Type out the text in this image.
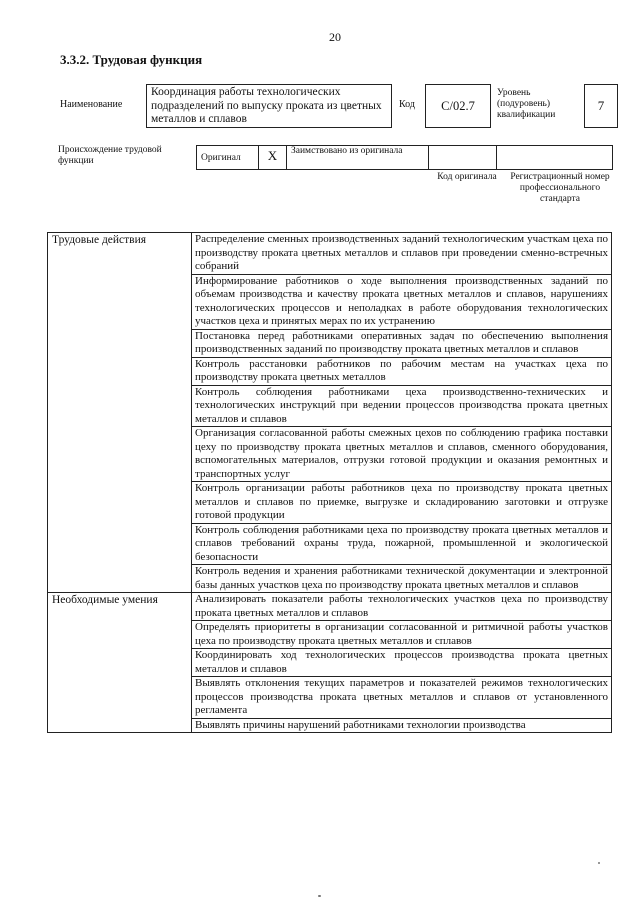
20
3.3.2. Трудовая функция
Наименование
Координация работы технологических подразделений по выпуску проката из цветных металлов и сплавов
Код C/02.7
Уровень (подуровень) квалификации
7
Происхождение трудовой функции	Оригинал	X	Заимствовано из оригинала		
Код оригинала	Регистрационный номер профессионального стандарта
Трудовые действия	Распределение сменных производственных заданий технологическим участкам цеха по производству проката цветных металлов и сплавов при проведении сменно-встречных собраний
	Информирование работников о ходе выполнения производственных заданий по объемам производства и качеству проката цветных металлов и сплавов, нарушениях технологических процессов и неполадках в работе оборудования технологических участков цеха и принятых мерах по их устранению
	Постановка перед работниками оперативных задач по обеспечению выполнения производственных заданий по производству проката цветных металлов и сплавов
	Контроль расстановки работников по рабочим местам на участках цеха по производству проката цветных металлов
	Контроль соблюдения работниками цеха производственно-технических и технологических инструкций при ведении процессов производства проката цветных металлов и сплавов
	Организация согласованной работы смежных цехов по соблюдению графика поставки цеху по производству проката цветных металлов и сплавов, сменного оборудования, вспомогательных материалов, отгрузки готовой продукции и оказания ремонтных и транспортных услуг
	Контроль организации работы работников цеха по производству проката цветных металлов и сплавов по приемке, выгрузке и складированию заготовки и отгрузке готовой продукции
	Контроль соблюдения работниками цеха по производству проката цветных металлов и сплавов требований охраны труда, пожарной, промышленной и экологической безопасности
	Контроль ведения и хранения работниками технической документации и электронной базы данных участков цеха по производству проката цветных металлов и сплавов
Необходимые умения	Анализировать показатели работы технологических участков цеха по производству проката цветных металлов и сплавов
	Определять приоритеты в организации согласованной и ритмичной работы участков цеха по производству проката цветных металлов и сплавов
	Координировать ход технологических процессов производства проката цветных металлов и сплавов
	Выявлять отклонения текущих параметров и показателей режимов технологических процессов производства проката цветных металлов и сплавов от установленного регламента
	Выявлять причины нарушений работниками технологии производства
